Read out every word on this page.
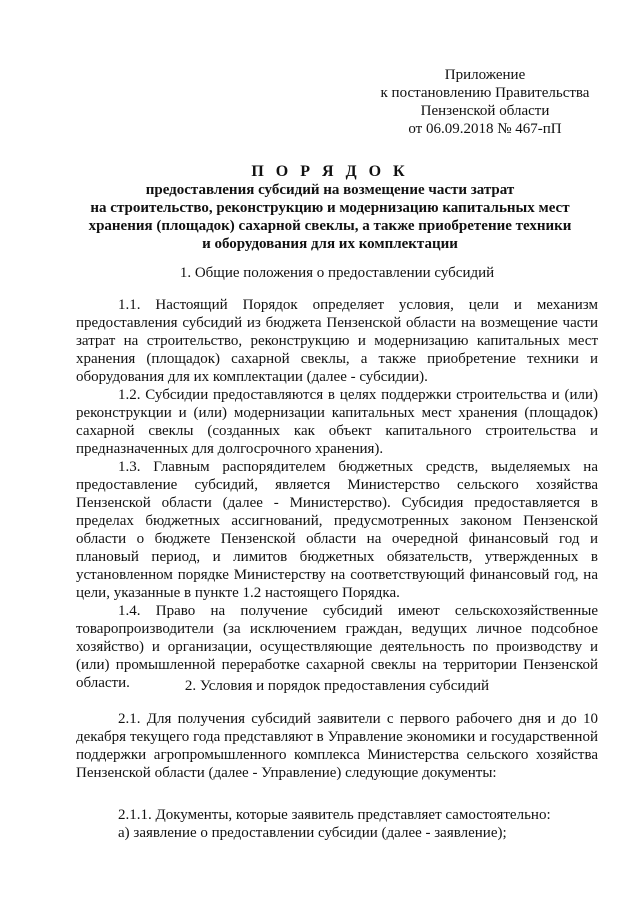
Приложение
к постановлению Правительства
Пензенской области
от 06.09.2018 № 467-пП
П О Р Я Д О К
предоставления субсидий на возмещение части затрат
на строительство, реконструкцию и модернизацию капитальных мест
хранения (площадок) сахарной свеклы, а также приобретение техники
и оборудования для их комплектации

1. Общие положения о предоставлении субсидий

1.1. Настоящий Порядок определяет условия, цели и механизм предоставления субсидий из бюджета Пензенской области на возмещение части затрат на строительство, реконструкцию и модернизацию капитальных мест хранения (площадок) сахарной свеклы, а также приобретение техники и оборудования для их комплектации (далее - субсидии).

1.2. Субсидии предоставляются в целях поддержки строительства и (или) реконструкции и (или) модернизации капитальных мест хранения (площадок) сахарной свеклы (созданных как объект капитального строительства и предназначенных для долгосрочного хранения).

1.3. Главным распорядителем бюджетных средств, выделяемых на предоставление субсидий, является Министерство сельского хозяйства Пензенской области (далее - Министерство). Субсидия предоставляется в пределах бюджетных ассигнований, предусмотренных законом Пензенской области о бюджете Пензенской области на очередной финансовый год и плановый период, и лимитов бюджетных обязательств, утвержденных в установленном порядке Министерству на соответствующий финансовый год, на цели, указанные в пункте 1.2 настоящего Порядка.

1.4. Право на получение субсидий имеют сельскохозяйственные товаропроизводители (за исключением граждан, ведущих личное подсобное хозяйство) и организации, осуществляющие деятельность по производству и (или) промышленной переработке сахарной свеклы на территории Пензенской области.	2. Условия и порядок предоставления субсидий

2.1. Для получения субсидий заявители с первого рабочего дня и до 10 декабря текущего года представляют в Управление экономики и государственной поддержки агропромышленного комплекса Министерства сельского хозяйства Пензенской области (далее - Управление) следующие документы:

2.1.1. Документы, которые заявитель представляет самостоятельно:

а) заявление о предоставлении субсидии (далее - заявление);
